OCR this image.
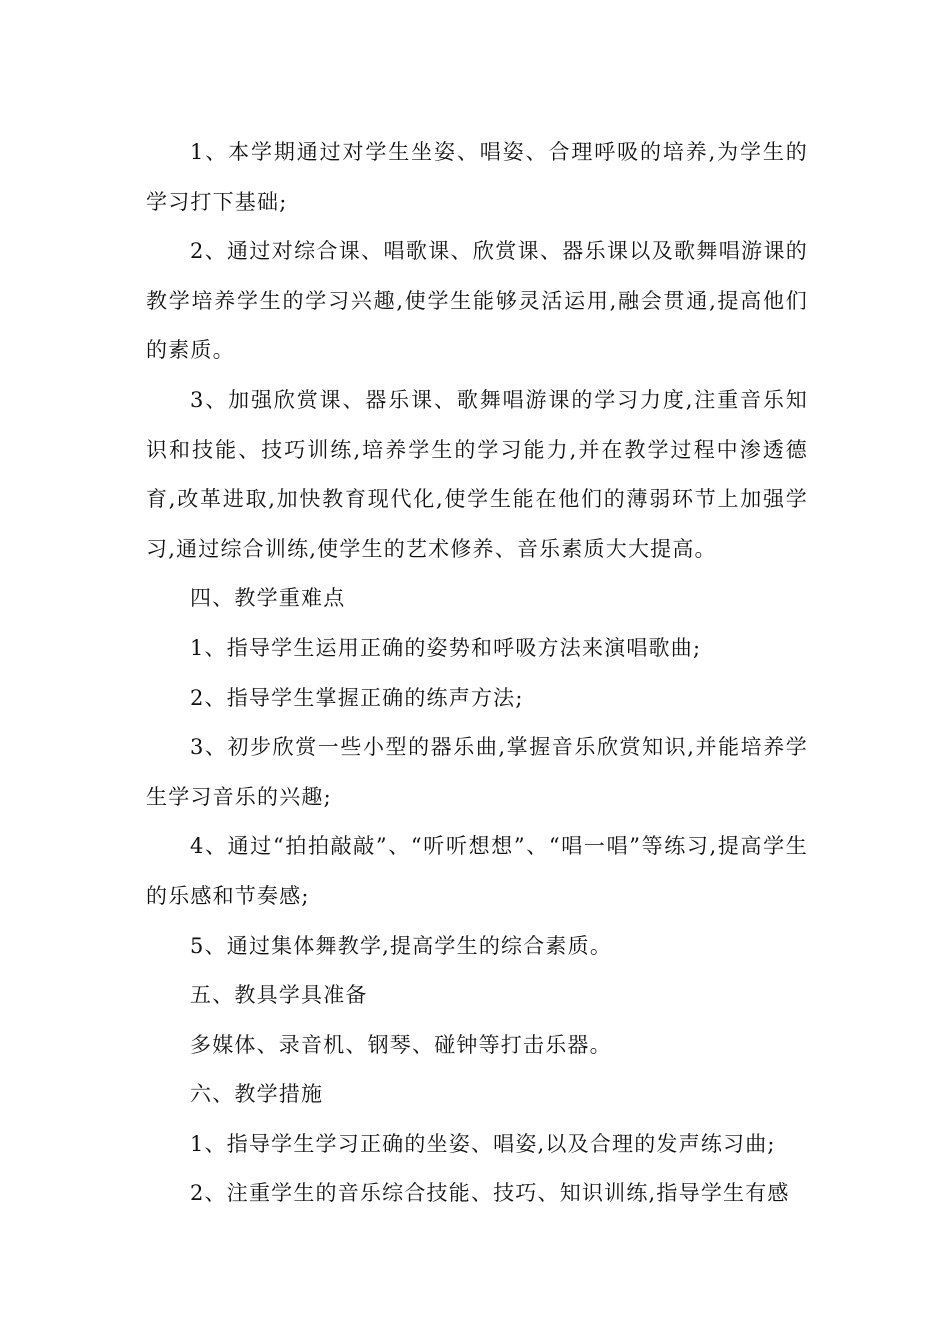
1、本学期通过对学生坐姿、唱姿、合理呼吸的培养,为学生的学习打下基础;

2、通过对综合课、唱歌课、欣赏课、器乐课以及歌舞唱游课的教学培养学生的学习兴趣,使学生能够灵活运用,融会贯通,提高他们的素质。

3、加强欣赏课、器乐课、歌舞唱游课的学习力度,注重音乐知识和技能、技巧训练,培养学生的学习能力,并在教学过程中渗透德育,改革进取,加快教育现代化,使学生能在他们的薄弱环节上加强学习,通过综合训练,使学生的艺术修养、音乐素质大大提高。

四、教学重难点

1、指导学生运用正确的姿势和呼吸方法来演唱歌曲;

2、指导学生掌握正确的练声方法;

3、初步欣赏一些小型的器乐曲,掌握音乐欣赏知识,并能培养学生学习音乐的兴趣;

4、通过“拍拍敲敲”、“听听想想”、“唱一唱”等练习,提高学生的乐感和节奏感;

5、通过集体舞教学,提高学生的综合素质。

五、教具学具准备

多媒体、录音机、钢琴、碰钟等打击乐器。

六、教学措施

1、指导学生学习正确的坐姿、唱姿,以及合理的发声练习曲;

2、注重学生的音乐综合技能、技巧、知识训练,指导学生有感
